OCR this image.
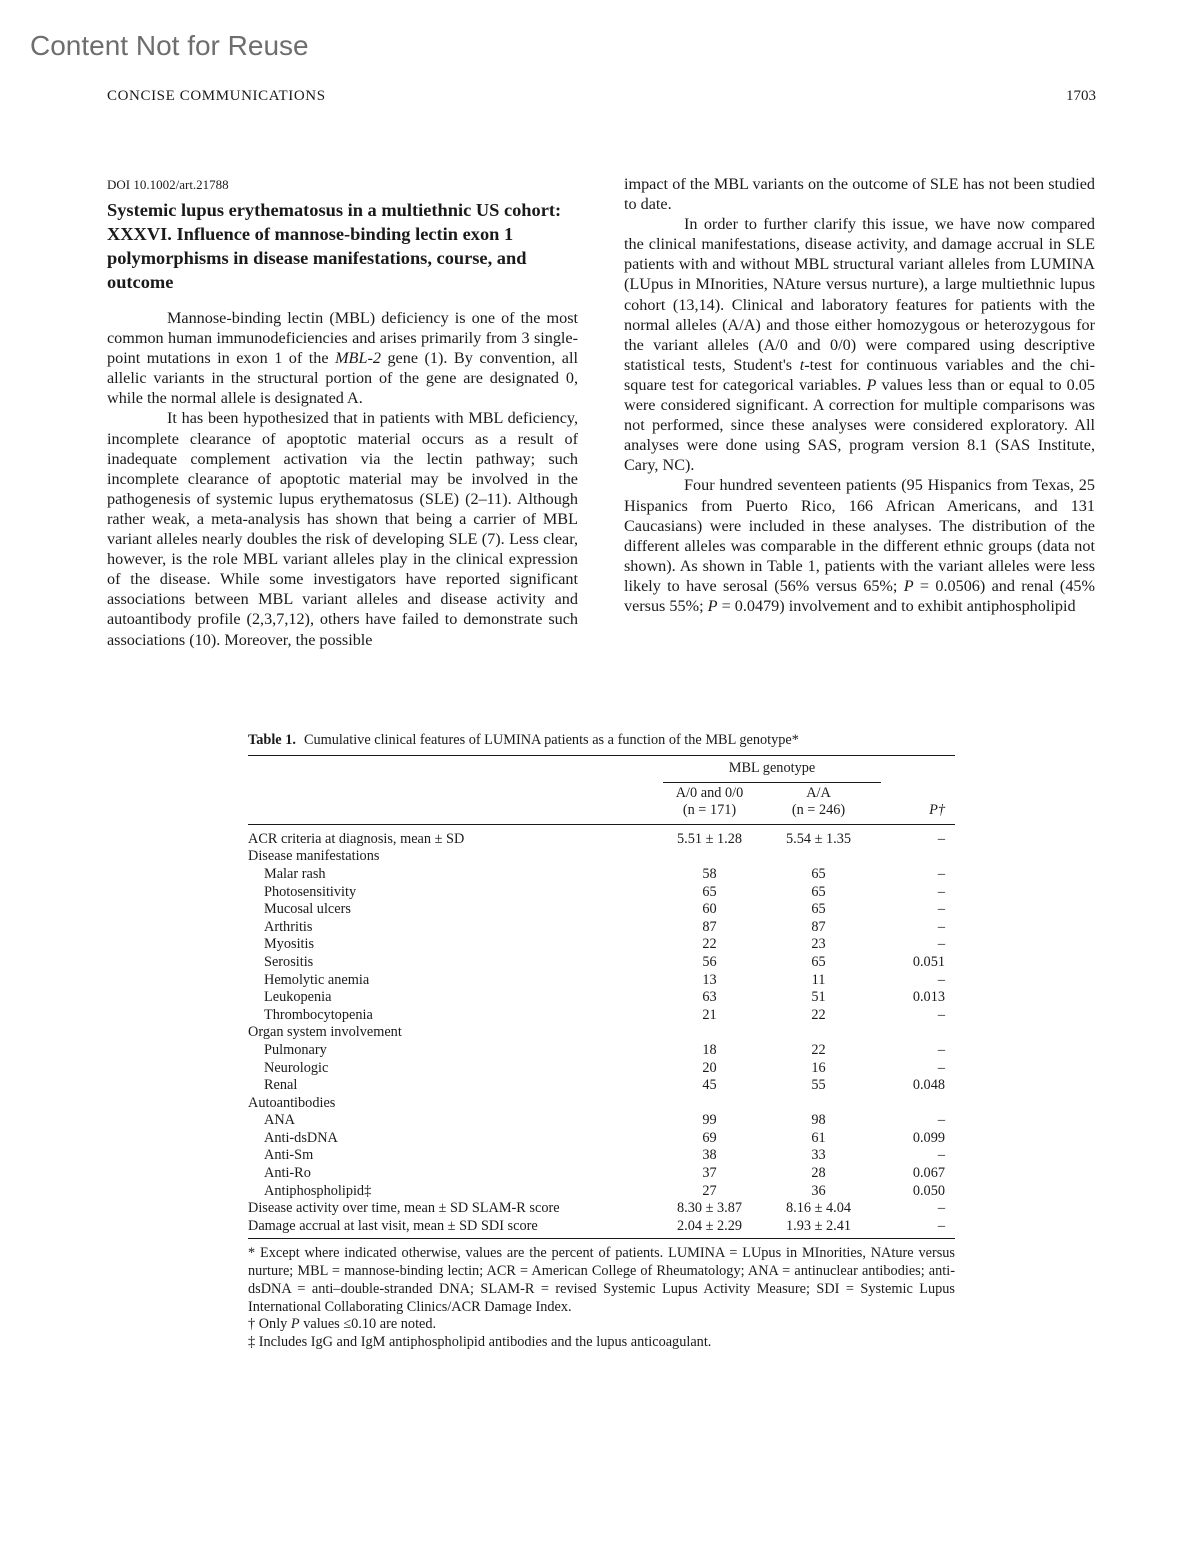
Content Not for Reuse
CONCISE COMMUNICATIONS	1703
DOI 10.1002/art.21788
Systemic lupus erythematosus in a multiethnic US cohort: XXXVI. Influence of mannose-binding lectin exon 1 polymorphisms in disease manifestations, course, and outcome

Mannose-binding lectin (MBL) deficiency is one of the most common human immunodeficiencies and arises primarily from 3 single-point mutations in exon 1 of the MBL-2 gene (1). By convention, all allelic variants in the structural portion of the gene are designated 0, while the normal allele is designated A.

It has been hypothesized that in patients with MBL deficiency, incomplete clearance of apoptotic material occurs as a result of inadequate complement activation via the lectin pathway; such incomplete clearance of apoptotic material may be involved in the pathogenesis of systemic lupus erythematosus (SLE) (2–11). Although rather weak, a meta-analysis has shown that being a carrier of MBL variant alleles nearly doubles the risk of developing SLE (7). Less clear, however, is the role MBL variant alleles play in the clinical expression of the disease. While some investigators have reported significant associations between MBL variant alleles and disease activity and autoantibody profile (2,3,7,12), others have failed to demonstrate such associations (10). Moreover, the possible

impact of the MBL variants on the outcome of SLE has not been studied to date.

In order to further clarify this issue, we have now compared the clinical manifestations, disease activity, and damage accrual in SLE patients with and without MBL structural variant alleles from LUMINA (LUpus in MInorities, NAture versus nurture), a large multiethnic lupus cohort (13,14). Clinical and laboratory features for patients with the normal alleles (A/A) and those either homozygous or heterozygous for the variant alleles (A/0 and 0/0) were compared using descriptive statistical tests, Student's t-test for continuous variables and the chi-square test for categorical variables. P values less than or equal to 0.05 were considered significant. A correction for multiple comparisons was not performed, since these analyses were considered exploratory. All analyses were done using SAS, program version 8.1 (SAS Institute, Cary, NC).

Four hundred seventeen patients (95 Hispanics from Texas, 25 Hispanics from Puerto Rico, 166 African Americans, and 131 Caucasians) were included in these analyses. The distribution of the different alleles was comparable in the different ethnic groups (data not shown). As shown in Table 1, patients with the variant alleles were less likely to have serosal (56% versus 65%; P = 0.0506) and renal (45% versus 55%; P = 0.0479) involvement and to exhibit antiphospholipid

Table 1. Cumulative clinical features of LUMINA patients as a function of the MBL genotype*
	MBL genotype		
	A/0 and 0/0	A/A	
	(n = 171)	(n = 246)	P†
ACR criteria at diagnosis, mean ± SD	5.51 ± 1.28	5.54 ± 1.35	–
Disease manifestations			
Malar rash	58	65	–
Photosensitivity	65	65	–
Mucosal ulcers	60	65	–
Arthritis	87	87	–
Myositis	22	23	–
Serositis	56	65	0.051
Hemolytic anemia	13	11	–
Leukopenia	63	51	0.013
Thrombocytopenia	21	22	–
Organ system involvement			
Pulmonary	18	22	–
Neurologic	20	16	–
Renal	45	55	0.048
Autoantibodies			
ANA	99	98	–
Anti-dsDNA	69	61	0.099
Anti-Sm	38	33	–
Anti-Ro	37	28	0.067
Antiphospholipid‡	27	36	0.050
Disease activity over time, mean ± SD SLAM-R score	8.30 ± 3.87	8.16 ± 4.04	–
Damage accrual at last visit, mean ± SD SDI score	2.04 ± 2.29	1.93 ± 2.41	–

* Except where indicated otherwise, values are the percent of patients. LUMINA = LUpus in MInorities, NAture versus nurture; MBL = mannose-binding lectin; ACR = American College of Rheumatology; ANA = antinuclear antibodies; anti-dsDNA = anti–double-stranded DNA; SLAM-R = revised Systemic Lupus Activity Measure; SDI = Systemic Lupus International Collaborating Clinics/ACR Damage Index.

† Only P values ≤0.10 are noted.

‡ Includes IgG and IgM antiphospholipid antibodies and the lupus anticoagulant.
